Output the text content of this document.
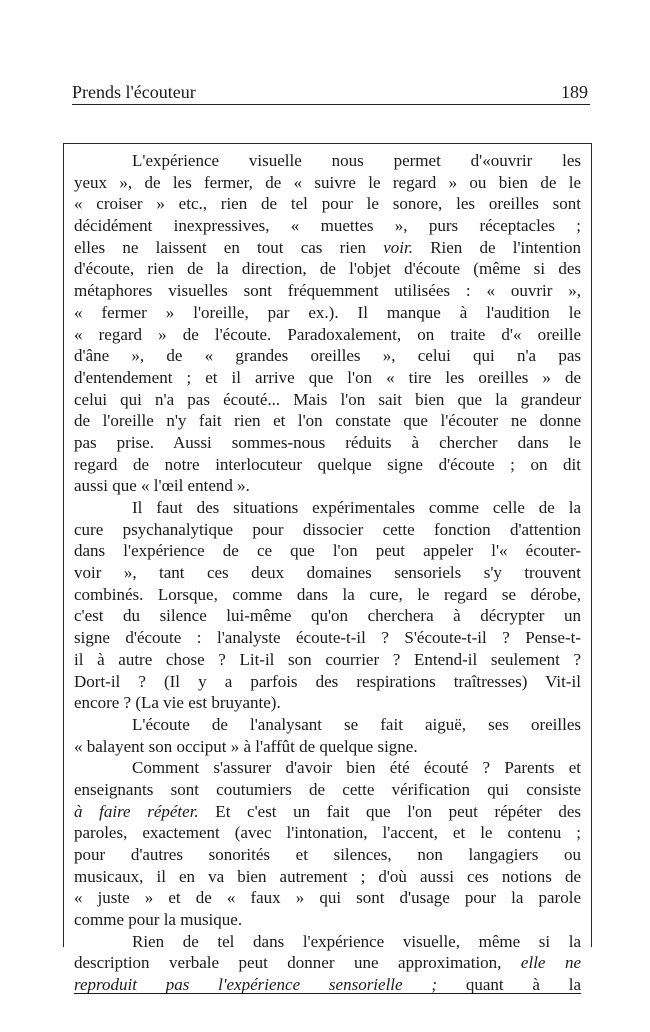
Prends l'écouteur	189
L'expérience visuelle nous permet d'«ouvrir les
yeux », de les fermer, de « suivre le regard » ou bien de le
« croiser » etc., rien de tel pour le sonore, les oreilles sont
décidément inexpressives, « muettes », purs réceptacles ;
elles ne laissent en tout cas rien voir. Rien de l'intention
d'écoute, rien de la direction, de l'objet d'écoute (même si des
métaphores visuelles sont fréquemment utilisées : « ouvrir »,
« fermer » l'oreille, par ex.). Il manque à l'audition le
« regard » de l'écoute. Paradoxalement, on traite d'« oreille
d'âne », de « grandes oreilles », celui qui n'a pas
d'entendement ; et il arrive que l'on « tire les oreilles » de
celui qui n'a pas écouté... Mais l'on sait bien que la grandeur
de l'oreille n'y fait rien et l'on constate que l'écouter ne donne
pas prise. Aussi sommes-nous réduits à chercher dans le
regard de notre interlocuteur quelque signe d'écoute ; on dit
aussi que « l'œil entend ».
Il faut des situations expérimentales comme celle de la
cure psychanalytique pour dissocier cette fonction d'attention
dans l'expérience de ce que l'on peut appeler l'« écouter-
voir », tant ces deux domaines sensoriels s'y trouvent
combinés. Lorsque, comme dans la cure, le regard se dérobe,
c'est du silence lui-même qu'on cherchera à décrypter un
signe d'écoute : l'analyste écoute-t-il ? S'écoute-t-il ? Pense-t-
il à autre chose ? Lit-il son courrier ? Entend-il seulement ?
Dort-il ? (Il y a parfois des respirations traîtresses) Vit-il
encore ? (La vie est bruyante).
L'écoute de l'analysant se fait aiguë, ses oreilles
« balayent son occiput » à l'affût de quelque signe.
Comment s'assurer d'avoir bien été écouté ? Parents et
enseignants sont coutumiers de cette vérification qui consiste
à faire répéter. Et c'est un fait que l'on peut répéter des
paroles, exactement (avec l'intonation, l'accent, et le contenu ;
pour d'autres sonorités et silences, non langagiers ou
musicaux, il en va bien autrement ; d'où aussi ces notions de
« juste » et de « faux » qui sont d'usage pour la parole
comme pour la musique.
Rien de tel dans l'expérience visuelle, même si la
description verbale peut donner une approximation, elle ne
reproduit pas l'expérience sensorielle ; quant à la
